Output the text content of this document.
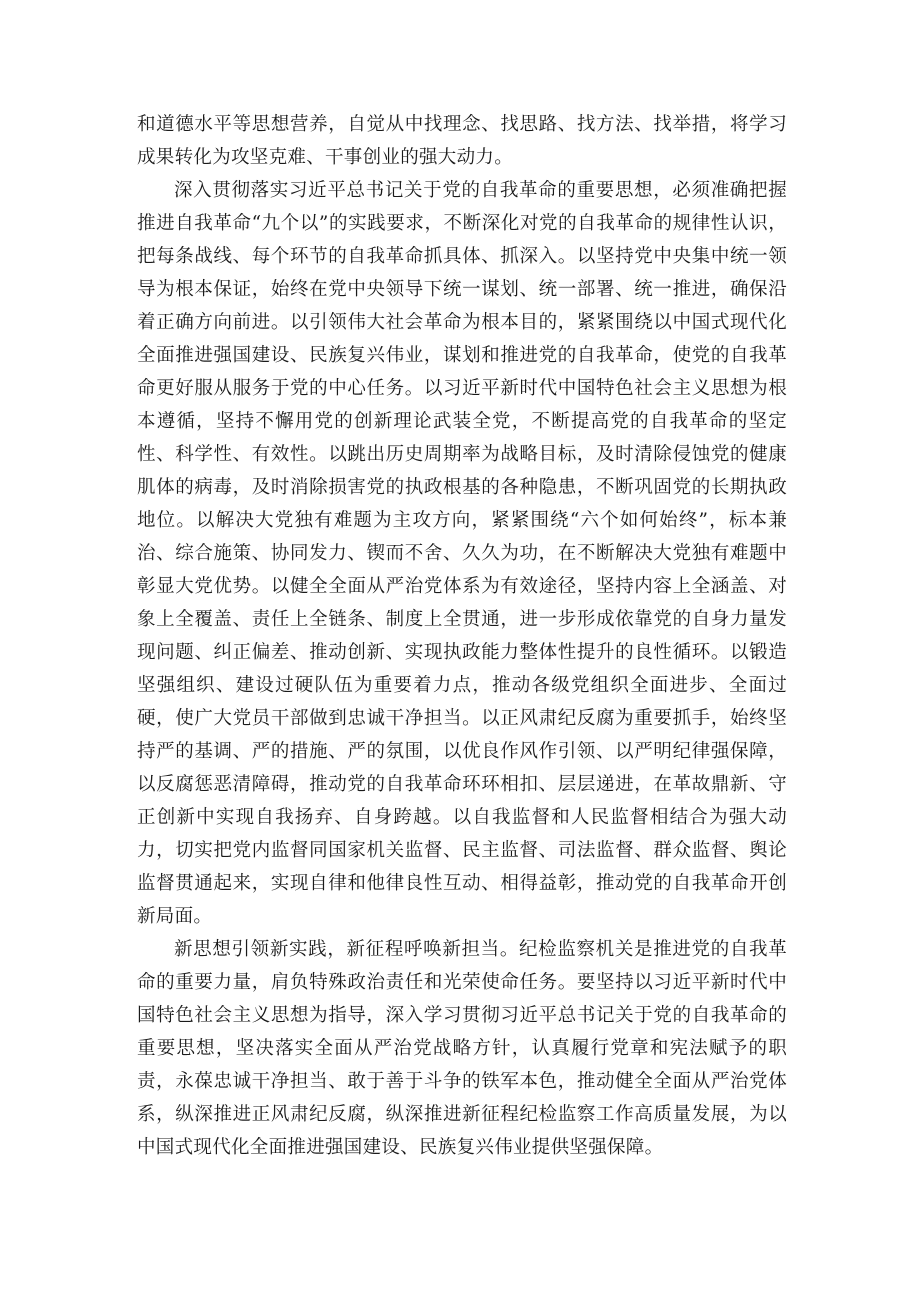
和道德水平等思想营养，自觉从中找理念、找思路、找方法、找举措，将学习成果转化为攻坚克难、干事创业的强大动力。

深入贯彻落实习近平总书记关于党的自我革命的重要思想，必须准确把握推进自我革命“九个以”的实践要求，不断深化对党的自我革命的规律性认识，把每条战线、每个环节的自我革命抓具体、抓深入。以坚持党中央集中统一领导为根本保证，始终在党中央领导下统一谋划、统一部署、统一推进，确保沿着正确方向前进。以引领伟大社会革命为根本目的，紧紧围绕以中国式现代化全面推进强国建设、民族复兴伟业，谋划和推进党的自我革命，使党的自我革命更好服从服务于党的中心任务。以习近平新时代中国特色社会主义思想为根本遵循，坚持不懈用党的创新理论武装全党，不断提高党的自我革命的坚定性、科学性、有效性。以跳出历史周期率为战略目标，及时清除侵蚀党的健康肌体的病毒，及时消除损害党的执政根基的各种隐患，不断巩固党的长期执政地位。以解决大党独有难题为主攻方向，紧紧围绕“六个如何始终”，标本兼治、综合施策、协同发力、锲而不舍、久久为功，在不断解决大党独有难题中彰显大党优势。以健全全面从严治党体系为有效途径，坚持内容上全涵盖、对象上全覆盖、责任上全链条、制度上全贯通，进一步形成依靠党的自身力量发现问题、纠正偏差、推动创新、实现执政能力整体性提升的良性循环。以锻造坚强组织、建设过硬队伍为重要着力点，推动各级党组织全面进步、全面过硬，使广大党员干部做到忠诚干净担当。以正风肃纪反腐为重要抓手，始终坚持严的基调、严的措施、严的氛围，以优良作风作引领、以严明纪律强保障，以反腐惩恶清障碍，推动党的自我革命环环相扣、层层递进，在革故鼎新、守正创新中实现自我扬弃、自身跨越。以自我监督和人民监督相结合为强大动力，切实把党内监督同国家机关监督、民主监督、司法监督、群众监督、舆论监督贯通起来，实现自律和他律良性互动、相得益彰，推动党的自我革命开创新局面。

新思想引领新实践，新征程呼唤新担当。纪检监察机关是推进党的自我革命的重要力量，肩负特殊政治责任和光荣使命任务。要坚持以习近平新时代中国特色社会主义思想为指导，深入学习贯彻习近平总书记关于党的自我革命的重要思想，坚决落实全面从严治党战略方针，认真履行党章和宪法赋予的职责，永葆忠诚干净担当、敢于善于斗争的铁军本色，推动健全全面从严治党体系，纵深推进正风肃纪反腐，纵深推进新征程纪检监察工作高质量发展，为以中国式现代化全面推进强国建设、民族复兴伟业提供坚强保障。
